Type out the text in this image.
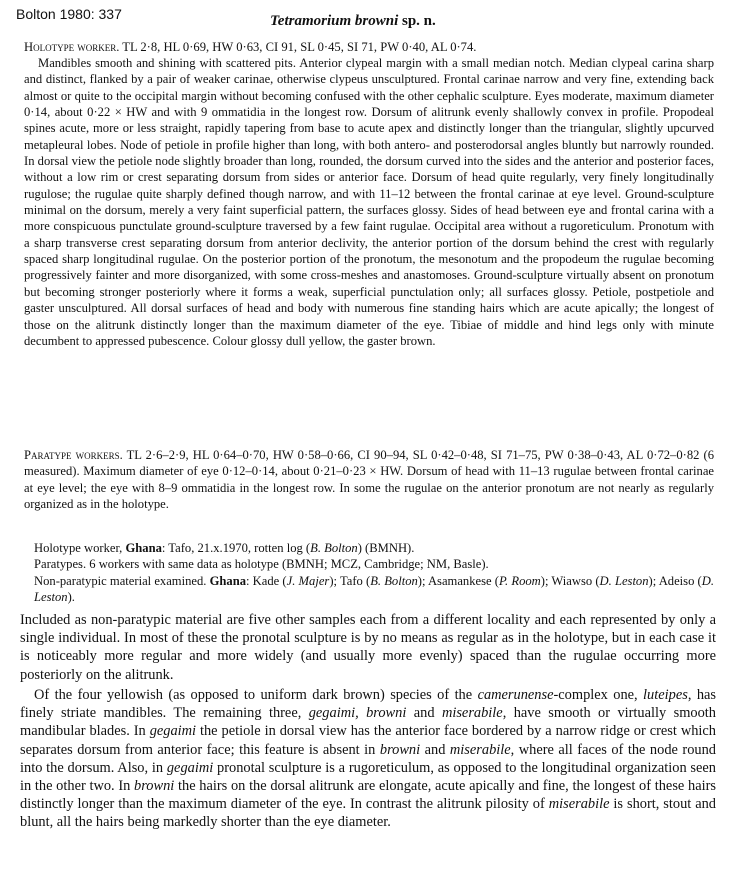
Bolton 1980: 337	Tetramorium browni sp. n.
Holotype worker. TL 2·8, HL 0·69, HW 0·63, CI 91, SL 0·45, SI 71, PW 0·40, AL 0·74.
Mandibles smooth and shining with scattered pits. Anterior clypeal margin with a small median notch. Median clypeal carina sharp and distinct, flanked by a pair of weaker carinae, otherwise clypeus unsculptured. Frontal carinae narrow and very fine, extending back almost or quite to the occipital margin without becoming confused with the other cephalic sculpture. Eyes moderate, maximum diameter 0·14, about 0·22 × HW and with 9 ommatidia in the longest row. Dorsum of alitrunk evenly shallowly convex in profile. Propodeal spines acute, more or less straight, rapidly tapering from base to acute apex and distinctly longer than the triangular, slightly upcurved metapleural lobes. Node of petiole in profile higher than long, with both antero- and posterodorsal angles bluntly but narrowly rounded. In dorsal view the petiole node slightly broader than long, rounded, the dorsum curved into the sides and the anterior and posterior faces, without a low rim or crest separating dorsum from sides or anterior face. Dorsum of head quite regularly, very finely longitudinally rugulose; the rugulae quite sharply defined though narrow, and with 11–12 between the frontal carinae at eye level. Ground-sculpture minimal on the dorsum, merely a very faint superficial pattern, the surfaces glossy. Sides of head between eye and frontal carina with a more conspicuous punctulate ground-sculpture traversed by a few faint rugulae. Occipital area without a rugoreticulum. Pronotum with a sharp transverse crest separating dorsum from anterior declivity, the anterior portion of the dorsum behind the crest with regularly spaced sharp longitudinal rugulae. On the posterior portion of the pronotum, the mesonotum and the propodeum the rugulae becoming progressively fainter and more disorganized, with some cross-meshes and anastomoses. Ground-sculpture virtually absent on pronotum but becoming stronger posteriorly where it forms a weak, superficial punctulation only; all surfaces glossy. Petiole, postpetiole and gaster unsculptured. All dorsal surfaces of head and body with numerous fine standing hairs which are acute apically; the longest of those on the alitrunk distinctly longer than the maximum diameter of the eye. Tibiae of middle and hind legs only with minute decumbent to appressed pubescence. Colour glossy dull yellow, the gaster brown.
Paratype workers. TL 2·6–2·9, HL 0·64–0·70, HW 0·58–0·66, CI 90–94, SL 0·42–0·48, SI 71–75, PW 0·38–0·43, AL 0·72–0·82 (6 measured). Maximum diameter of eye 0·12–0·14, about 0·21–0·23 × HW. Dorsum of head with 11–13 rugulae between frontal carinae at eye level; the eye with 8–9 ommatidia in the longest row. In some the rugulae on the anterior pronotum are not nearly as regularly organized as in the holotype.

Holotype worker, Ghana: Tafo, 21.x.1970, rotten log (B. Bolton) (BMNH).

Paratypes. 6 workers with same data as holotype (BMNH; MCZ, Cambridge; NM, Basle).

Non-paratypic material examined. Ghana: Kade (J. Majer); Tafo (B. Bolton); Asamankese (P. Room); Wiawso (D. Leston); Adeiso (D. Leston).

Included as non-paratypic material are five other samples each from a different locality and each represented by only a single individual. In most of these the pronotal sculpture is by no means as regular as in the holotype, but in each case it is noticeably more regular and more widely (and usually more evenly) spaced than the rugulae occurring more posteriorly on the alitrunk.
Of the four yellowish (as opposed to uniform dark brown) species of the camerunense-complex one, luteipes, has finely striate mandibles. The remaining three, gegaimi, browni and miserabile, have smooth or virtually smooth mandibular blades. In gegaimi the petiole in dorsal view has the anterior face bordered by a narrow ridge or crest which separates dorsum from anterior face; this feature is absent in browni and miserabile, where all faces of the node round into the dorsum. Also, in gegaimi pronotal sculpture is a rugoreticulum, as opposed to the longitudinal organization seen in the other two. In browni the hairs on the dorsal alitrunk are elongate, acute apically and fine, the longest of these hairs distinctly longer than the maximum diameter of the eye. In contrast the alitrunk pilosity of miserabile is short, stout and blunt, all the hairs being markedly shorter than the eye diameter.
